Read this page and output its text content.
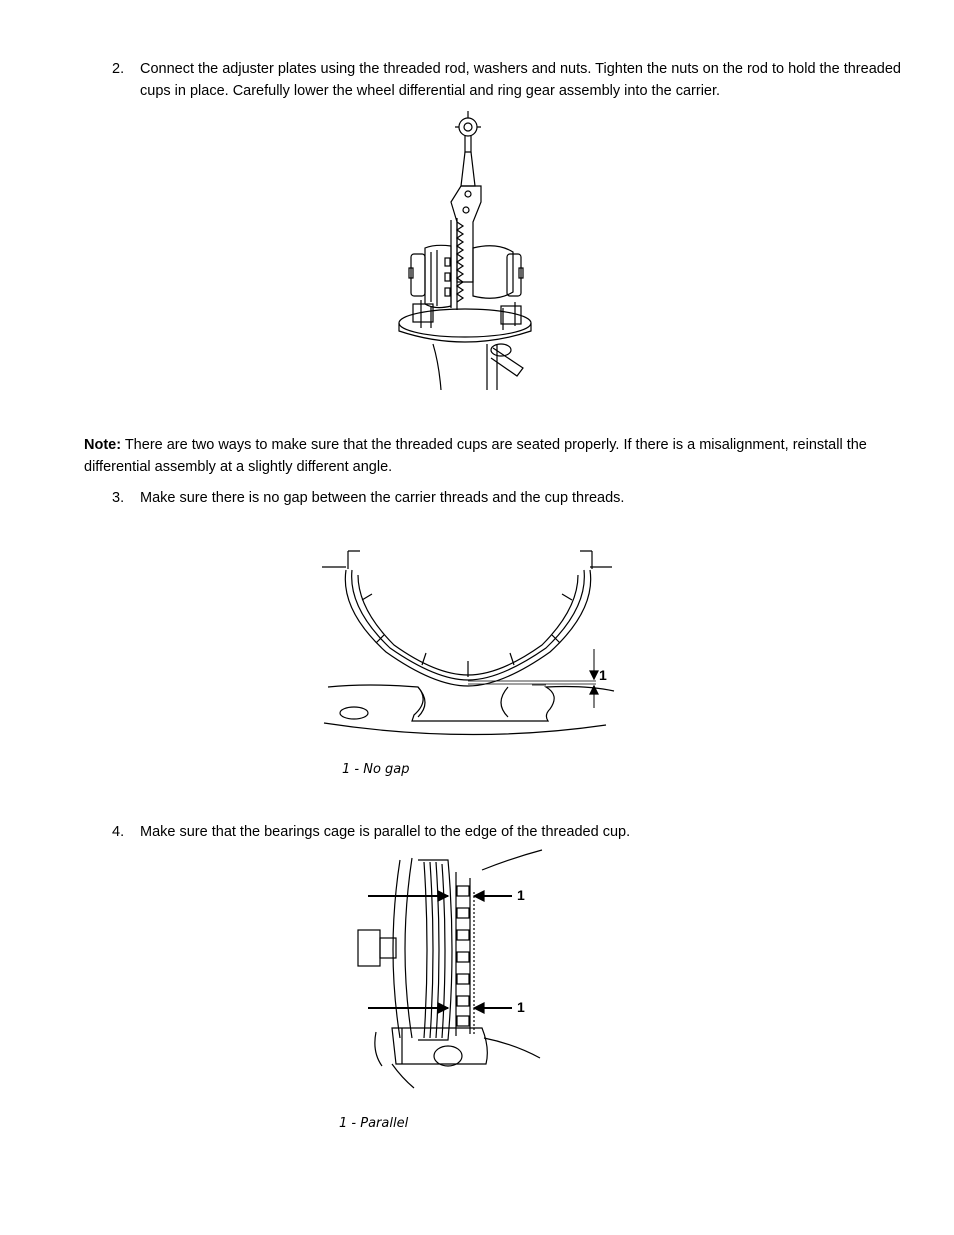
2. Connect the adjuster plates using the threaded rod, washers and nuts. Tighten the nuts on the rod to hold the threaded cups in place. Carefully lower the wheel differential and ring gear assembly into the carrier.
Note: There are two ways to make sure that the threaded cups are seated properly. If there is a misalignment, reinstall the differential assembly at a slightly different angle.
3. Make sure there is no gap between the carrier threads and the cup threads.
1
1 - No gap
4. Make sure that the bearings cage is parallel to the edge of the threaded cup.
1
1
1 - Parallel
